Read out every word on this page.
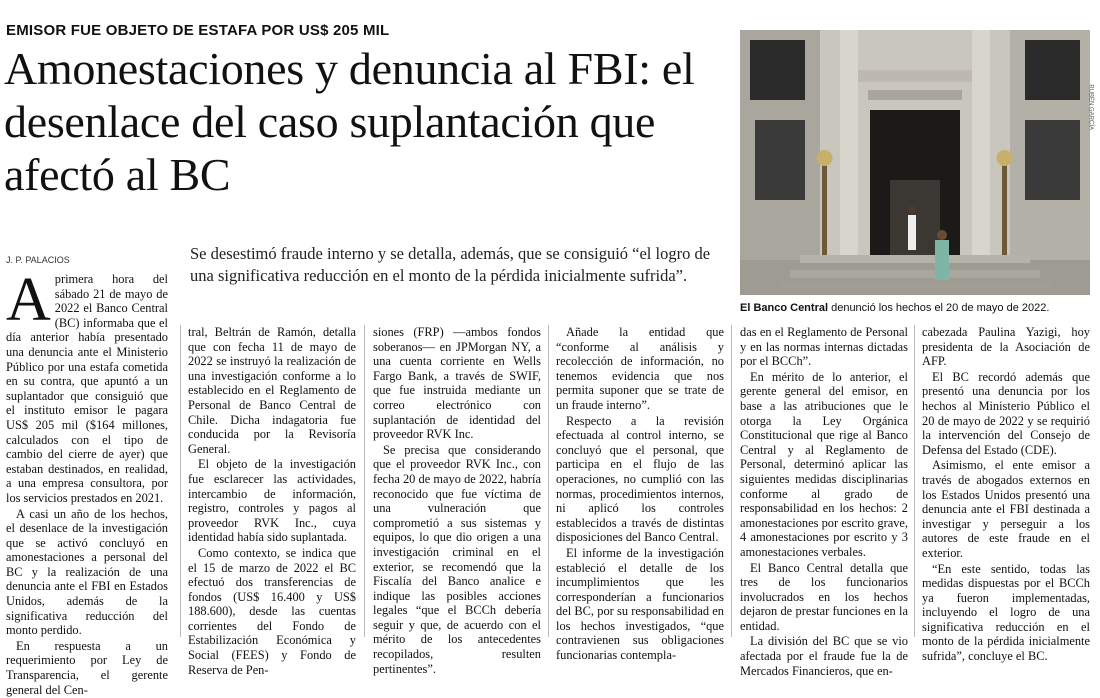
EMISOR FUE OBJETO DE ESTAFA POR US$ 205 MIL
Amonestaciones y denuncia al FBI: el desenlace del caso suplantación que afectó al BC
J. P. PALACIOS	Se desestimó fraude interno y se detalla, además, que se consiguió “el logro de una significativa reducción en el monto de la pérdida inicialmente sufrida”.
RUBÉN GARCÍA
El Banco Central denunció los hechos el 20 de mayo de 2022.

Aprimera hora del sábado 21 de mayo de 2022 el Banco Central (BC) informaba que el día anterior había presentado una denuncia ante el Ministerio Público por una estafa cometida en su contra, que apuntó a un suplantador que consiguió que el instituto emisor le pagara US$ 205 mil ($164 millones, calculados con el tipo de cambio del cierre de ayer) que estaban destinados, en realidad, a una empresa consultora, por los servicios prestados en 2021.

A casi un año de los hechos, el desenlace de la investigación que se activó concluyó en amonestaciones a personal del BC y la realización de una denuncia ante el FBI en Estados Unidos, además de la significativa reducción del monto perdido.

En respuesta a un requerimiento por Ley de Transparencia, el gerente general del Cen-

tral, Beltrán de Ramón, detalla que con fecha 11 de mayo de 2022 se instruyó la realización de una investigación conforme a lo establecido en el Reglamento de Personal de Banco Central de Chile. Dicha indagatoria fue conducida por la Revisoría General.

El objeto de la investigación fue esclarecer las actividades, intercambio de información, registro, controles y pagos al proveedor RVK Inc., cuya identidad había sido suplantada.

Como contexto, se indica que el 15 de marzo de 2022 el BC efectuó dos transferencias de fondos (US$ 16.400 y US$ 188.600), desde las cuentas corrientes del Fondo de Estabilización Económica y Social (FEES) y Fondo de Reserva de Pen-

siones (FRP) —ambos fondos soberanos— en JPMorgan NY, a una cuenta corriente en Wells Fargo Bank, a través de SWIF, que fue instruida mediante un correo electrónico con suplantación de identidad del proveedor RVK Inc.

Se precisa que considerando que el proveedor RVK Inc., con fecha 20 de mayo de 2022, habría reconocido que fue víctima de una vulneración que comprometió a sus sistemas y equipos, lo que dio origen a una investigación criminal en el exterior, se recomendó que la Fiscalía del Banco analice e indique las posibles acciones legales “que el BCCh debería seguir y que, de acuerdo con el mérito de los antecedentes recopilados, resulten pertinentes”.

Añade la entidad que “conforme al análisis y recolección de información, no tenemos evidencia que nos permita suponer que se trate de un fraude interno”.

Respecto a la revisión efectuada al control interno, se concluyó que el personal, que participa en el flujo de las operaciones, no cumplió con las normas, procedimientos internos, ni aplicó los controles establecidos a través de distintas disposiciones del Banco Central.

El informe de la investigación estableció el detalle de los incumplimientos que les corresponderían a funcionarios del BC, por su responsabilidad en los hechos investigados, “que contravienen sus obligaciones funcionarias contempla-

das en el Reglamento de Personal y en las normas internas dictadas por el BCCh”.

En mérito de lo anterior, el gerente general del emisor, en base a las atribuciones que le otorga la Ley Orgánica Constitucional que rige al Banco Central y al Reglamento de Personal, determinó aplicar las siguientes medidas disciplinarias conforme al grado de responsabilidad en los hechos: 2 amonestaciones por escrito grave, 4 amonestaciones por escrito y 3 amonestaciones verbales.

El Banco Central detalla que tres de los funcionarios involucrados en los hechos dejaron de prestar funciones en la entidad.

La división del BC que se vio afectada por el fraude fue la de Mercados Financieros, que en-

cabezada Paulina Yazigi, hoy presidenta de la Asociación de AFP.

El BC recordó además que presentó una denuncia por los hechos al Ministerio Público el 20 de mayo de 2022 y se requirió la intervención del Consejo de Defensa del Estado (CDE).

Asimismo, el ente emisor a través de abogados externos en los Estados Unidos presentó una denuncia ante el FBI destinada a investigar y perseguir a los autores de este fraude en el exterior.

“En este sentido, todas las medidas dispuestas por el BCCh ya fueron implementadas, incluyendo el logro de una significativa reducción en el monto de la pérdida inicialmente sufrida”, concluye el BC.
